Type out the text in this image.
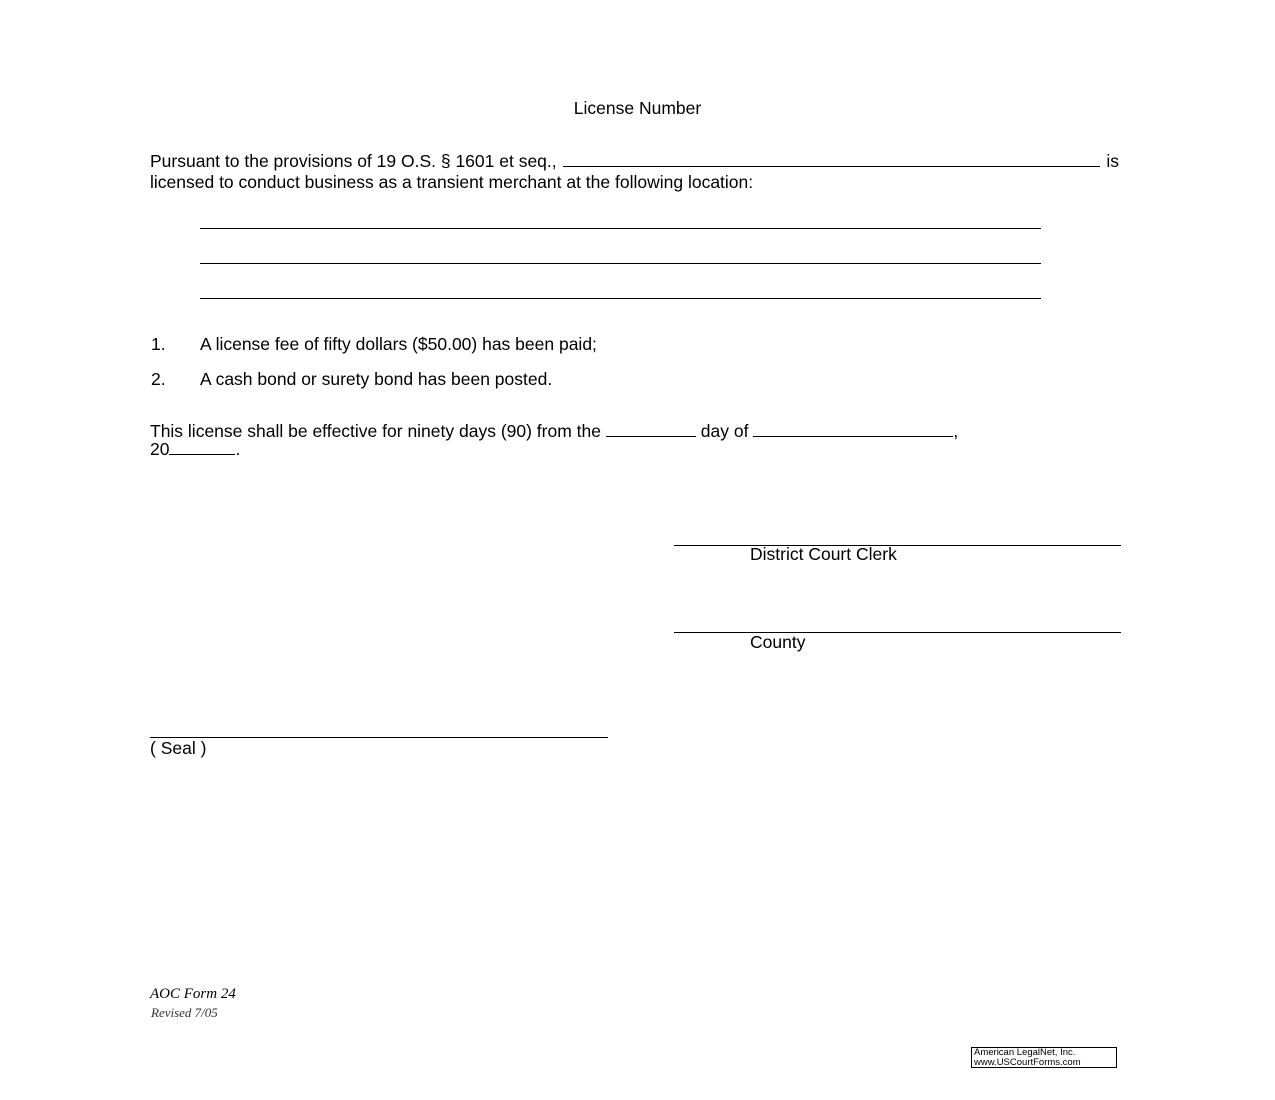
License Number
Pursuant to the provisions of 19 O.S. § 1601 et seq.,	is
licensed to conduct business as a transient merchant at the following location:
1. A license fee of fifty dollars ($50.00) has been paid;
2. A cash bond or surety bond has been posted.
This license shall be effective for ninety days (90) from the	day of	,
20	.
District Court Clerk
County
( Seal )
AOC Form 24
Revised 7/05
American LegalNet, Inc.
www.USCourtForms.com
